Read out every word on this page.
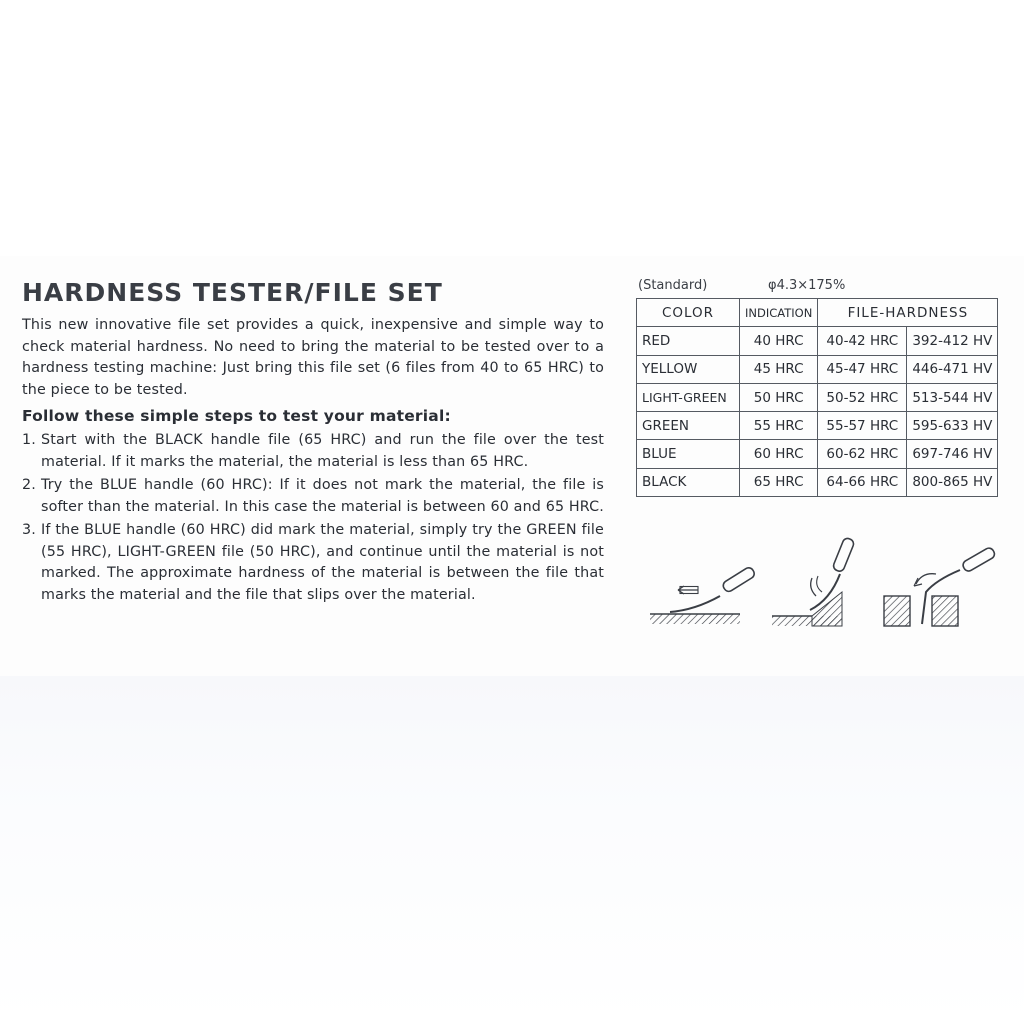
HARDNESS TESTER/FILE SET

This new innovative file set provides a quick, inexpensive and simple way to check material hardness. No need to bring the material to be tested over to a hardness testing machine: Just bring this file set (6 files from 40 to 65 HRC) to the piece to be tested.

Follow these simple steps to test your material:
1. Start with the BLACK handle file (65 HRC) and run the file over the test material. If it marks the material, the material is less than 65 HRC.
2. Try the BLUE handle (60 HRC): If it does not mark the material, the file is softer than the material. In this case the material is between 60 and 65 HRC.
3. If the BLUE handle (60 HRC) did mark the material, simply try the GREEN file (55 HRC), LIGHT-GREEN file (50 HRC), and continue until the material is not marked. The approximate hardness of the material is between the file that marks the material and the file that slips over the material.
(Standard)	φ4.3×175%
COLOR	INDICATION	FILE-HARDNESS	
RED	40 HRC	40-42 HRC	392-412 HV
YELLOW	45 HRC	45-47 HRC	446-471 HV
LIGHT-GREEN	50 HRC	50-52 HRC	513-544 HV
GREEN	55 HRC	55-57 HRC	595-633 HV
BLUE	60 HRC	60-62 HRC	697-746 HV
BLACK	65 HRC	64-66 HRC	800-865 HV
